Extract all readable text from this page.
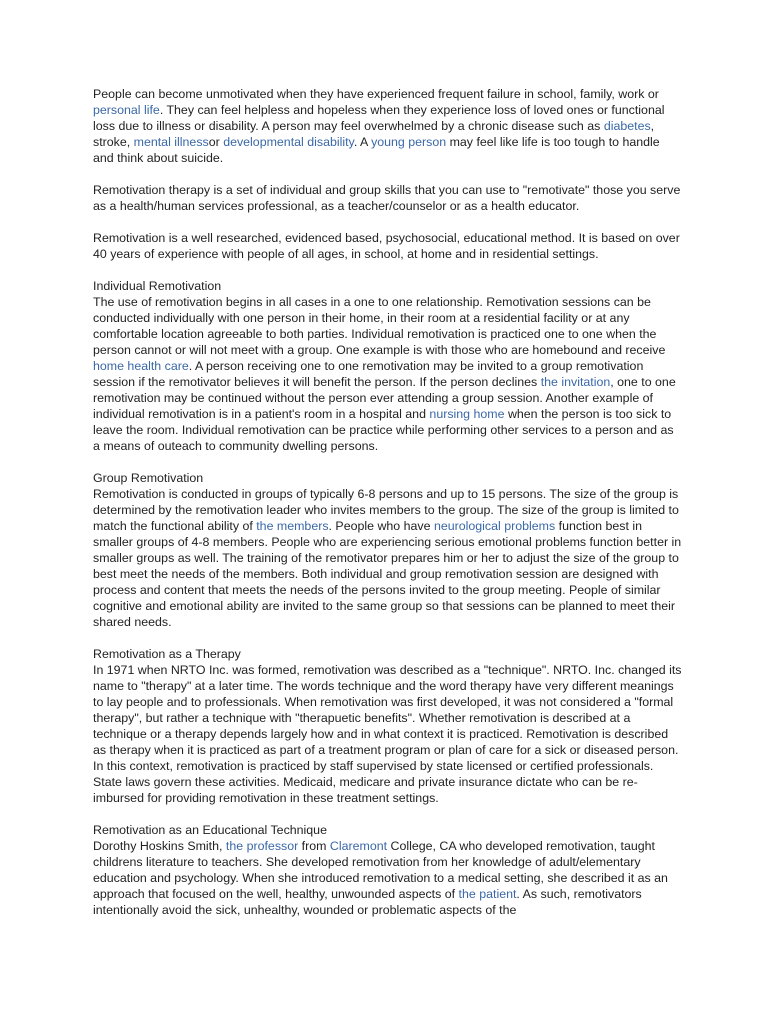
People can become unmotivated when they have experienced frequent failure in school, family, work or personal life. They can feel helpless and hopeless when they experience loss of loved ones or functional loss due to illness or disability. A person may feel overwhelmed by a chronic disease such as diabetes, stroke, mental illnessor developmental disability. A young person may feel like life is too tough to handle and think about suicide.

Remotivation therapy is a set of individual and group skills that you can use to "remotivate" those you serve as a health/human services professional, as a teacher/counselor or as a health educator.

Remotivation is a well researched, evidenced based, psychosocial, educational method. It is based on over 40 years of experience with people of all ages, in school, at home and in residential settings.

Individual Remotivation

The use of remotivation begins in all cases in a one to one relationship. Remotivation sessions can be conducted individually with one person in their home, in their room at a residential facility or at any comfortable location agreeable to both parties. Individual remotivation is practiced one to one when the person cannot or will not meet with a group. One example is with those who are homebound and receive home health care. A person receiving one to one remotivation may be invited to a group remotivation session if the remotivator believes it will benefit the person. If the person declines the invitation, one to one remotivation may be continued without the person ever attending a group session. Another example of individual remotivation is in a patient's room in a hospital and nursing home when the person is too sick to leave the room. Individual remotivation can be practice while performing other services to a person and as a means of outeach to community dwelling persons.

Group Remotivation

Remotivation is conducted in groups of typically 6-8 persons and up to 15 persons. The size of the group is determined by the remotivation leader who invites members to the group. The size of the group is limited to match the functional ability of the members. People who have neurological problems function best in smaller groups of 4-8 members. People who are experiencing serious emotional problems function better in smaller groups as well. The training of the remotivator prepares him or her to adjust the size of the group to best meet the needs of the members. Both individual and group remotivation session are designed with process and content that meets the needs of the persons invited to the group meeting. People of similar cognitive and emotional ability are invited to the same group so that sessions can be planned to meet their shared needs.

Remotivation as a Therapy

In 1971 when NRTO Inc. was formed, remotivation was described as a "technique". NRTO. Inc. changed its name to "therapy" at a later time. The words technique and the word therapy have very different meanings to lay people and to professionals. When remotivation was first developed, it was not considered a "formal therapy", but rather a technique with "therapuetic benefits". Whether remotivation is described at a technique or a therapy depends largely how and in what context it is practiced. Remotivation is described as therapy when it is practiced as part of a treatment program or plan of care for a sick or diseased person. In this context, remotivation is practiced by staff supervised by state licensed or certified professionals. State laws govern these activities. Medicaid, medicare and private insurance dictate who can be re-imbursed for providing remotivation in these treatment settings.

Remotivation as an Educational Technique

Dorothy Hoskins Smith, the professor from Claremont College, CA who developed remotivation, taught childrens literature to teachers. She developed remotivation from her knowledge of adult/elementary education and psychology. When she introduced remotivation to a medical setting, she described it as an approach that focused on the well, healthy, unwounded aspects of the patient. As such, remotivators intentionally avoid the sick, unhealthy, wounded or problematic aspects of the
